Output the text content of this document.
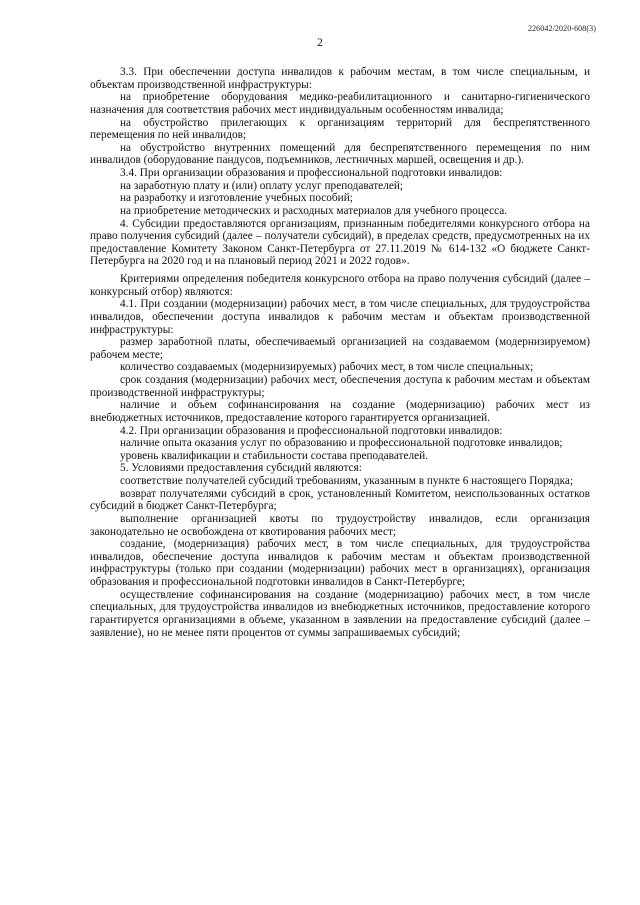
226042/2020-608(3)
2

3.3. При обеспечении доступа инвалидов к рабочим местам, в том числе специальным, и объектам производственной инфраструктуры:

на приобретение оборудования медико-реабилитационного и санитарно-гигиенического назначения для соответствия рабочих мест индивидуальным особенностям инвалида;

на обустройство прилегающих к организациям территорий для беспрепятственного перемещения по ней инвалидов;

на обустройство внутренних помещений для беспрепятственного перемещения по ним инвалидов (оборудование пандусов, подъемников, лестничных маршей, освещения и др.).

3.4. При организации образования и профессиональной подготовки инвалидов:

на заработную плату и (или) оплату услуг преподавателей;

на разработку и изготовление учебных пособий;

на приобретение методических и расходных материалов для учебного процесса.

4. Субсидии предоставляются организациям, признанным победителями конкурсного отбора на право получения субсидий (далее – получатели субсидий), в пределах средств, предусмотренных на их предоставление Комитету Законом Санкт-Петербурга от 27.11.2019 № 614-132 «О бюджете Санкт-Петербурга на 2020 год и на плановый период 2021 и 2022 годов».

Критериями определения победителя конкурсного отбора на право получения субсидий (далее – конкурсный отбор) являются:

4.1. При создании (модернизации) рабочих мест, в том числе специальных, для трудоустройства инвалидов, обеспечении доступа инвалидов к рабочим местам и объектам производственной инфраструктуры:

размер заработной платы, обеспечиваемый организацией на создаваемом (модернизируемом) рабочем месте;

количество создаваемых (модернизируемых) рабочих мест, в том числе специальных;

срок создания (модернизации) рабочих мест, обеспечения доступа к рабочим местам и объектам производственной инфраструктуры;

наличие и объем софинансирования на создание (модернизацию) рабочих мест из внебюджетных источников, предоставление которого гарантируется организацией.

4.2. При организации образования и профессиональной подготовки инвалидов:

наличие опыта оказания услуг по образованию и профессиональной подготовке инвалидов;

уровень квалификации и стабильности состава преподавателей.

5. Условиями предоставления субсидий являются:

соответствие получателей субсидий требованиям, указанным в пункте 6 настоящего Порядка;

возврат получателями субсидий в срок, установленный Комитетом, неиспользованных остатков субсидий в бюджет Санкт-Петербурга;

выполнение организацией квоты по трудоустройству инвалидов, если организация законодательно не освобождена от квотирования рабочих мест;

создание, (модернизация) рабочих мест, в том числе специальных, для трудоустройства инвалидов, обеспечение доступа инвалидов к рабочим местам и объектам производственной инфраструктуры (только при создании (модернизации) рабочих мест в организациях), организация образования и профессиональной подготовки инвалидов в Санкт-Петербурге;

осуществление софинансирования на создание (модернизацию) рабочих мест, в том числе специальных, для трудоустройства инвалидов из внебюджетных источников, предоставление которого гарантируется организациями в объеме, указанном в заявлении на предоставление субсидий (далее – заявление), но не менее пяти процентов от суммы запрашиваемых субсидий;
